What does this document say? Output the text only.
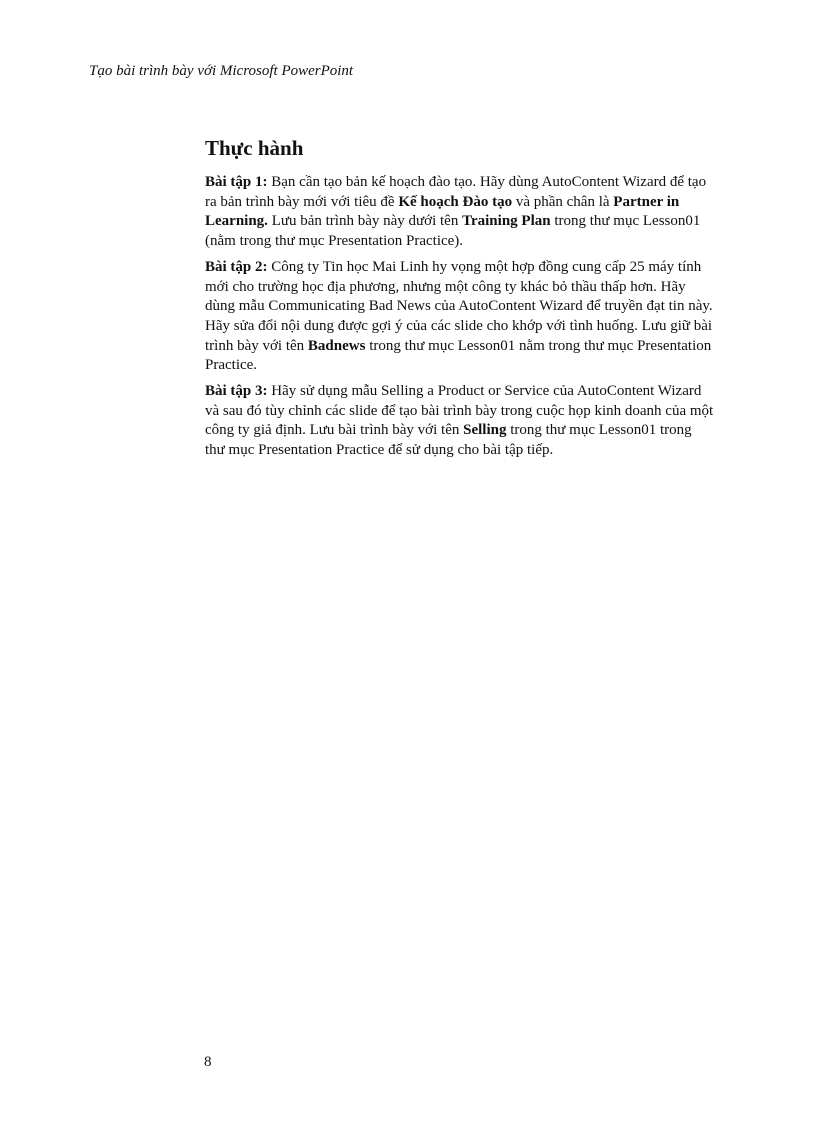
Tạo bài trình bày với Microsoft PowerPoint
Thực hành

Bài tập 1: Bạn cần tạo bản kế hoạch đào tạo. Hãy dùng AutoContent Wizard để tạo ra bản trình bày mới với tiêu đề Kế hoạch Đào tạo và phần chân là Partner in Learning. Lưu bản trình bày này dưới tên Training Plan trong thư mục Lesson01 (nằm trong thư mục Presentation Practice).

Bài tập 2: Công ty Tin học Mai Linh hy vọng một hợp đồng cung cấp 25 máy tính mới cho trường học địa phương, nhưng một công ty khác bỏ thầu thấp hơn. Hãy dùng mẫu Communicating Bad News của AutoContent Wizard để truyền đạt tin này. Hãy sửa đổi nội dung được gợi ý của các slide cho khớp với tình huống. Lưu giữ bài trình bày với tên Badnews trong thư mục Lesson01 nằm trong thư mục Presentation Practice.

Bài tập 3: Hãy sử dụng mẫu Selling a Product or Service của AutoContent Wizard và sau đó tùy chỉnh các slide để tạo bài trình bày trong cuộc họp kinh doanh của một công ty giả định. Lưu bài trình bày với tên Selling trong thư mục Lesson01 trong thư mục Presentation Practice để sử dụng cho bài tập tiếp.

8
